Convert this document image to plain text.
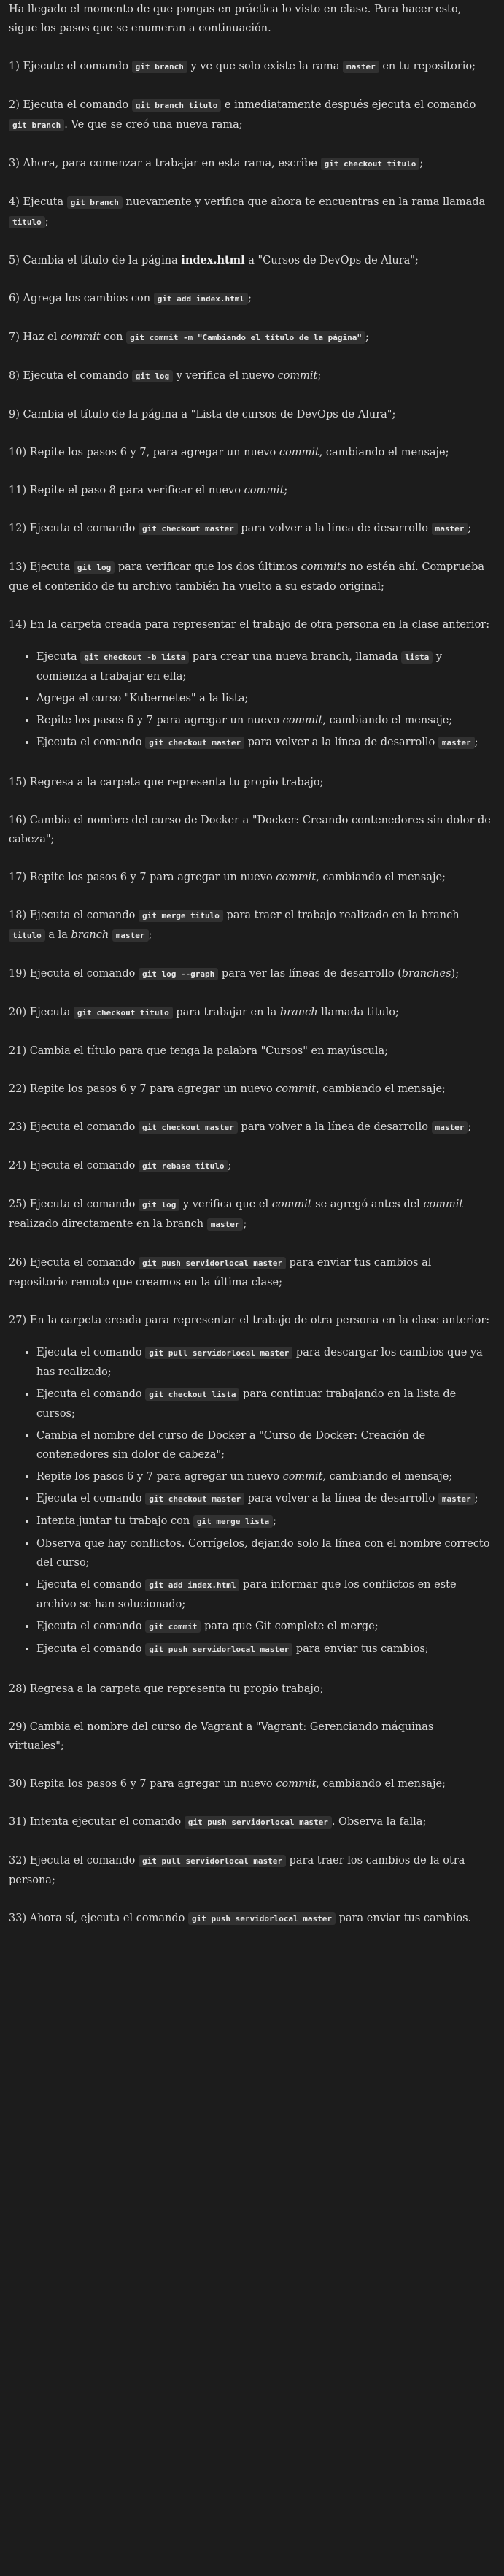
Ha llegado el momento de que pongas en práctica lo visto en clase. Para hacer esto, sigue los pasos que se enumeran a continuación.

1) Ejecute el comando git branch y ve que solo existe la rama master en tu repositorio;

2) Ejecuta el comando git branch titulo e inmediatamente después ejecuta el comando git branch . Ve que se creó una nueva rama;

3) Ahora, para comenzar a trabajar en esta rama, escribe git checkout titulo ;

4) Ejecuta git branch nuevamente y verifica que ahora te encuentras en la rama llamada titulo ;

5) Cambia el título de la página index.html a "Cursos de DevOps de Alura";

6) Agrega los cambios con git add index.html ;

7) Haz el commit con git commit -m "Cambiando el título de la página" ;

8) Ejecuta el comando git log y verifica el nuevo commit;

9) Cambia el título de la página a "Lista de cursos de DevOps de Alura";

10) Repite los pasos 6 y 7, para agregar un nuevo commit, cambiando el mensaje;

11) Repite el paso 8 para verificar el nuevo commit;

12) Ejecuta el comando git checkout master para volver a la línea de desarrollo master ;

13) Ejecuta git log para verificar que los dos últimos commits no estén ahí. Comprueba que el contenido de tu archivo también ha vuelto a su estado original;

14) En la carpeta creada para representar el trabajo de otra persona en la clase anterior:

• Ejecuta git checkout -b lista para crear una nueva branch, llamada lista y comienza a trabajar en ella;
• Agrega el curso "Kubernetes" a la lista;
• Repite los pasos 6 y 7 para agregar un nuevo commit, cambiando el mensaje;
• Ejecuta el comando git checkout master para volver a la línea de desarrollo master ;

15) Regresa a la carpeta que representa tu propio trabajo;

16) Cambia el nombre del curso de Docker a "Docker: Creando contenedores sin dolor de cabeza";

17) Repite los pasos 6 y 7 para agregar un nuevo commit, cambiando el mensaje;

18) Ejecuta el comando git merge titulo para traer el trabajo realizado en la branch titulo a la branch master ;

19) Ejecuta el comando git log --graph para ver las líneas de desarrollo (branches);

20) Ejecuta git checkout titulo para trabajar en la branch llamada titulo;

21) Cambia el título para que tenga la palabra "Cursos" en mayúscula;

22) Repite los pasos 6 y 7 para agregar un nuevo commit, cambiando el mensaje;

23) Ejecuta el comando git checkout master para volver a la línea de desarrollo master ;

24) Ejecuta el comando git rebase titulo ;

25) Ejecuta el comando git log y verifica que el commit se agregó antes del commit realizado directamente en la branch master ;

26) Ejecuta el comando git push servidorlocal master para enviar tus cambios al repositorio remoto que creamos en la última clase;

27) En la carpeta creada para representar el trabajo de otra persona en la clase anterior:

• Ejecuta el comando git pull servidorlocal master para descargar los cambios que ya has realizado;
• Ejecuta el comando git checkout lista para continuar trabajando en la lista de cursos;
• Cambia el nombre del curso de Docker a "Curso de Docker: Creación de contenedores sin dolor de cabeza";
• Repite los pasos 6 y 7 para agregar un nuevo commit, cambiando el mensaje;
• Ejecuta el comando git checkout master para volver a la línea de desarrollo master ;
• Intenta juntar tu trabajo con git merge lista ;
• Observa que hay conflictos. Corrígelos, dejando solo la línea con el nombre correcto del curso;
• Ejecuta el comando git add index.html para informar que los conflictos en este archivo se han solucionado;
• Ejecuta el comando git commit para que Git complete el merge;
• Ejecuta el comando git push servidorlocal master para enviar tus cambios;

28) Regresa a la carpeta que representa tu propio trabajo;

29) Cambia el nombre del curso de Vagrant a "Vagrant: Gerenciando máquinas virtuales";

30) Repita los pasos 6 y 7 para agregar un nuevo commit, cambiando el mensaje;

31) Intenta ejecutar el comando git push servidorlocal master . Observa la falla;

32) Ejecuta el comando git pull servidorlocal master para traer los cambios de la otra persona;

33) Ahora sí, ejecuta el comando git push servidorlocal master para enviar tus cambios.
